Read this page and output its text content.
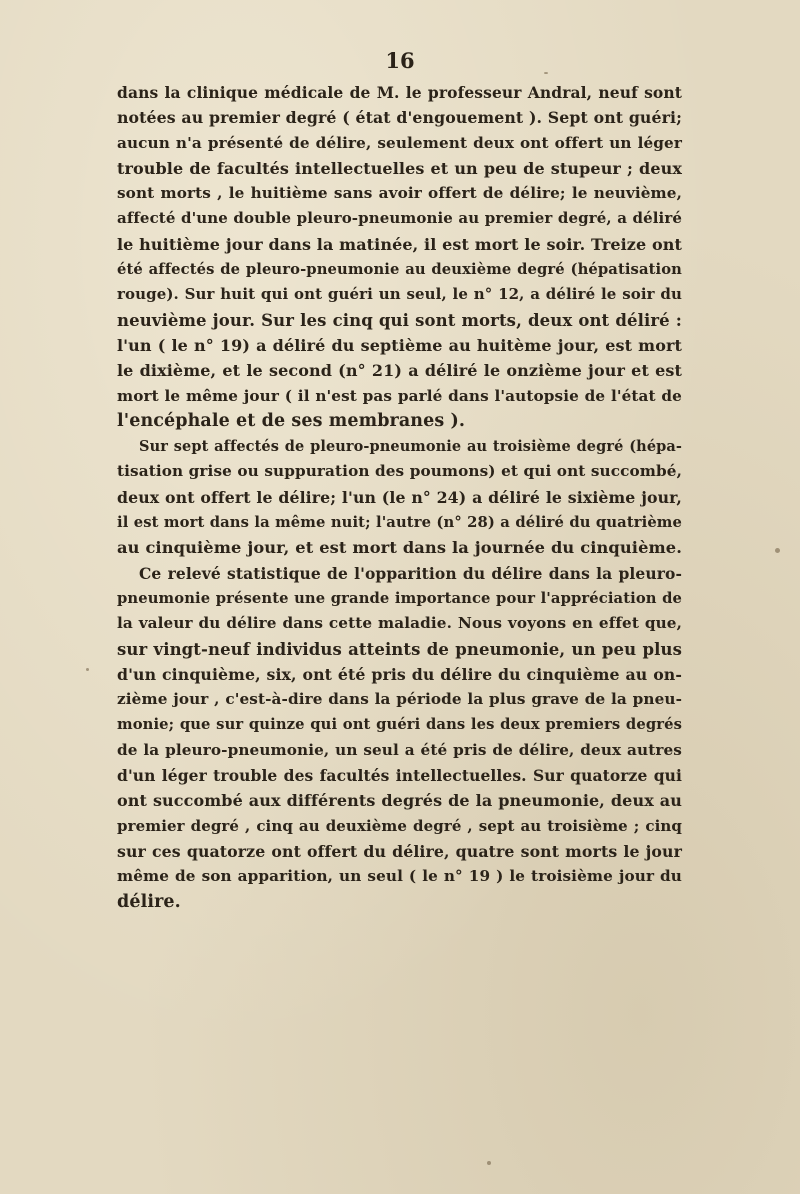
16
dans la clinique médicale de M. le professeur Andral, neuf sont
notées au premier degré ( état d'engouement ). Sept ont guéri;
aucun n'a présenté de délire, seulement deux ont offert un léger
trouble de facultés intellectuelles et un peu de stupeur ; deux
sont morts , le huitième sans avoir offert de délire; le neuvième,
affecté d'une double pleuro-pneumonie au premier degré, a déliré
le huitième jour dans la matinée, il est mort le soir. Treize ont
été affectés de pleuro-pneumonie au deuxième degré (hépatisation
rouge). Sur huit qui ont guéri un seul, le n° 12, a déliré le soir du
neuvième jour. Sur les cinq qui sont morts, deux ont déliré :
l'un ( le n° 19) a déliré du septième au huitème jour, est mort
le dixième, et le second (n° 21) a déliré le onzième jour et est
mort le même jour ( il n'est pas parlé dans l'autopsie de l'état de
l'encéphale et de ses membranes ).
Sur sept affectés de pleuro-pneumonie au troisième degré (hépa-
tisation grise ou suppuration des poumons) et qui ont succombé,
deux ont offert le délire; l'un (le n° 24) a déliré le sixième jour,
il est mort dans la même nuit; l'autre (n° 28) a déliré du quatrième
au cinquième jour, et est mort dans la journée du cinquième.
Ce relevé statistique de l'opparition du délire dans la pleuro-
pneumonie présente une grande importance pour l'appréciation de
la valeur du délire dans cette maladie. Nous voyons en effet que,
sur vingt-neuf individus atteints de pneumonie, un peu plus
d'un cinquième, six, ont été pris du délire du cinquième au on-
zième jour , c'est-à-dire dans la période la plus grave de la pneu-
monie; que sur quinze qui ont guéri dans les deux premiers degrés
de la pleuro-pneumonie, un seul a été pris de délire, deux autres
d'un léger trouble des facultés intellectuelles. Sur quatorze qui
ont succombé aux différents degrés de la pneumonie, deux au
premier degré , cinq au deuxième degré , sept au troisième ; cinq
sur ces quatorze ont offert du délire, quatre sont morts le jour
même de son apparition, un seul ( le n° 19 ) le troisième jour du
délire.
